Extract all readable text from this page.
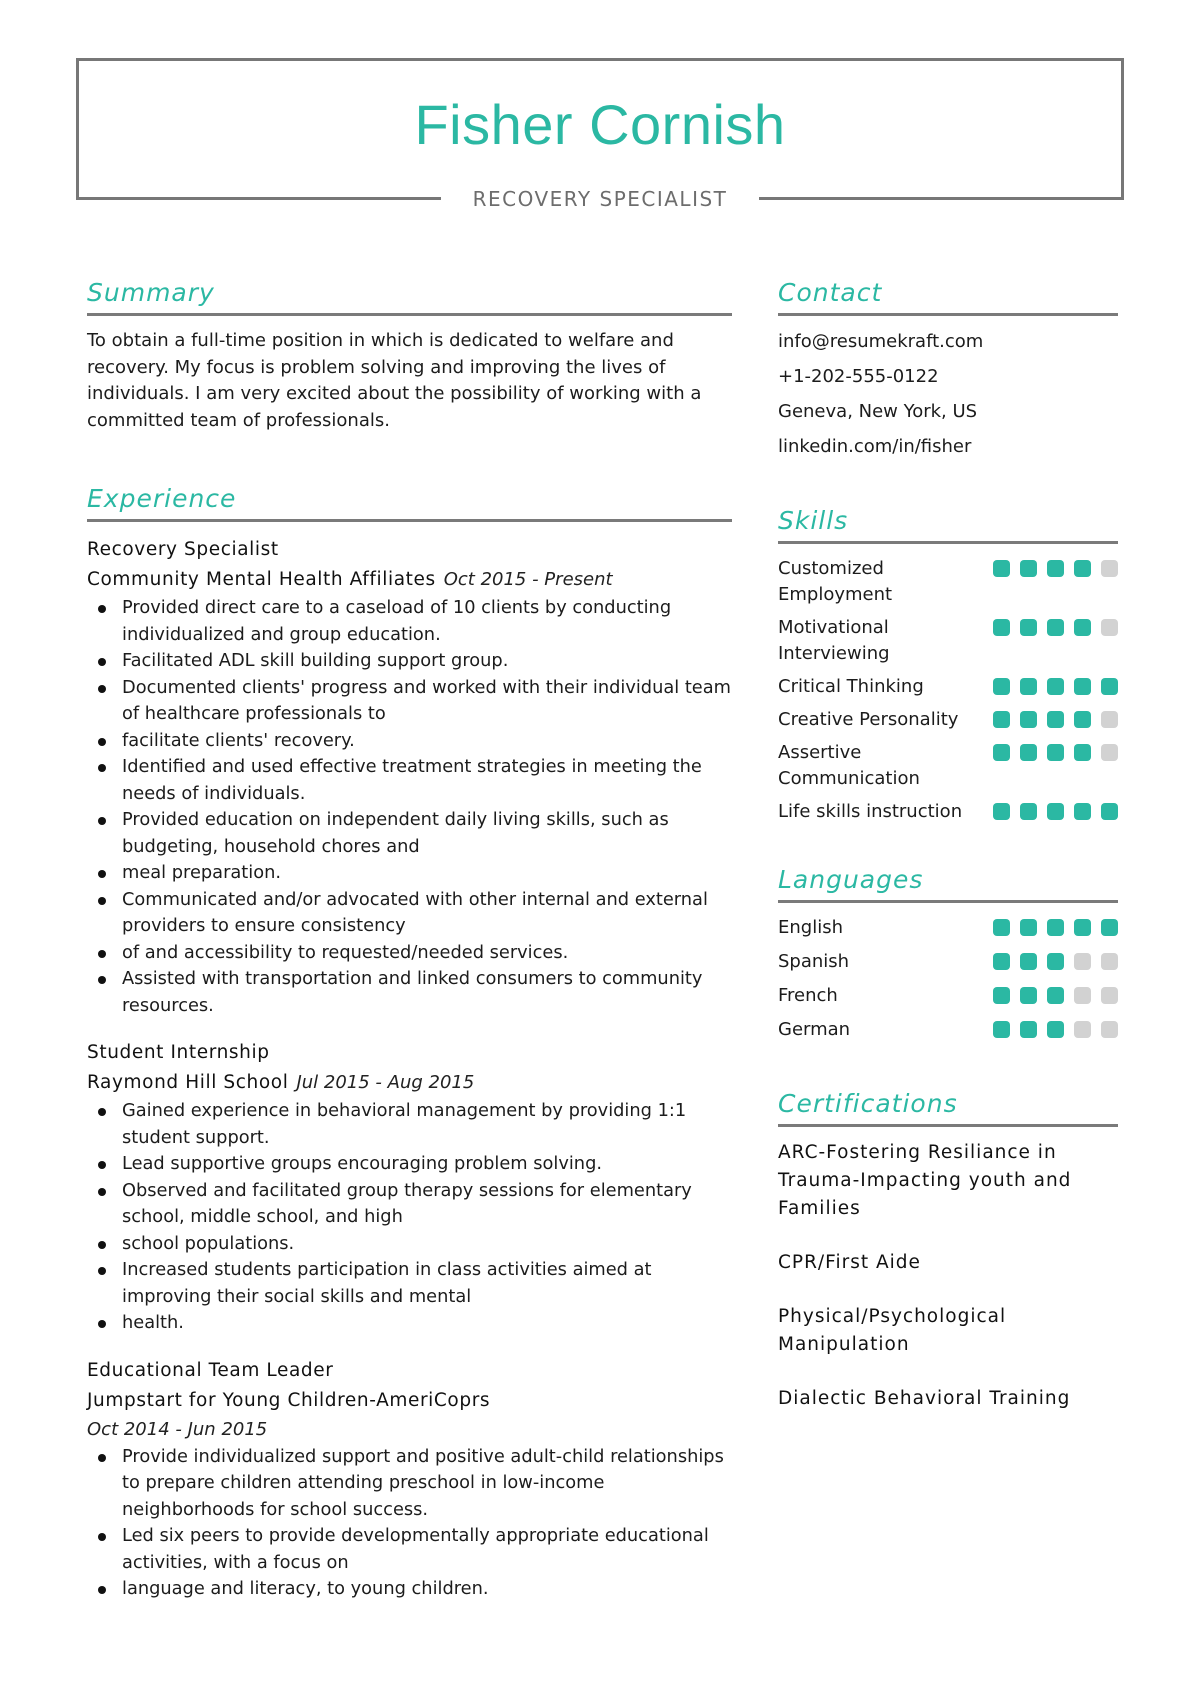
Fisher Cornish
RECOVERY SPECIALIST
Summary

To obtain a full-time position in which is dedicated to welfare and recovery. My focus is problem solving and improving the lives of individuals. I am very excited about the possibility of working with a committed team of professionals.

Experience
Recovery Specialist
Community Mental Health Affiliates Oct 2015 - Present
Provided direct care to a caseload of 10 clients by conducting individualized and group education.
Facilitated ADL skill building support group.
Documented clients' progress and worked with their individual team of healthcare professionals to
facilitate clients' recovery.
Identified and used effective treatment strategies in meeting the needs of individuals.
Provided education on independent daily living skills, such as budgeting, household chores and
meal preparation.
Communicated and/or advocated with other internal and external providers to ensure consistency
of and accessibility to requested/needed services.
Assisted with transportation and linked consumers to community resources.
Student Internship
Raymond Hill School Jul 2015 - Aug 2015
Gained experience in behavioral management by providing 1:1 student support.
Lead supportive groups encouraging problem solving.
Observed and facilitated group therapy sessions for elementary school, middle school, and high
school populations.
Increased students participation in class activities aimed at improving their social skills and mental
health.
Educational Team Leader
Jumpstart for Young Children-AmeriCoprs
Oct 2014 - Jun 2015
Provide individualized support and positive adult-child relationships to prepare children attending preschool in low-income neighborhoods for school success.
Led six peers to provide developmentally appropriate educational activities, with a focus on
language and literacy, to young children.
Contact
info@resumekraft.com
+1-202-555-0122
Geneva, New York, US
linkedin.com/in/fisher
Skills
Customized Employment
Motivational Interviewing
Critical Thinking
Creative Personality
Assertive Communication
Life skills instruction
Languages
English
Spanish
French
German
Certifications
ARC-Fostering Resiliance in Trauma-Impacting youth and Families
CPR/First Aide
Physical/Psychological Manipulation
Dialectic Behavioral Training
